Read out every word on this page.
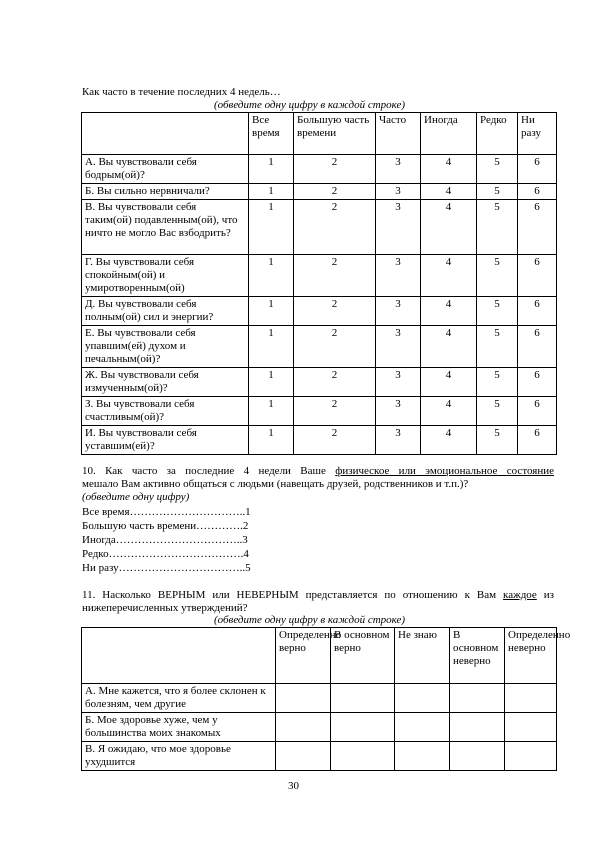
Как часто в течение последних 4 недель…
(обведите одну цифру в каждой строке)
	Все время	Большую часть времени	Часто	Иногда	Редко	Ни разу
А. Вы чувствовали себя бодрым(ой)?	1	2	3	4	5	6
Б. Вы сильно нервничали?	1	2	3	4	5	6
В. Вы чувствовали себя таким(ой) подавленным(ой), что ничто не могло Вас взбодрить?	1	2	3	4	5	6
Г. Вы чувствовали себя спокойным(ой) и умиротворенным(ой)	1	2	3	4	5	6
Д. Вы чувствовали себя полным(ой) сил и энергии?	1	2	3	4	5	6
Е. Вы чувствовали себя упавшим(ей) духом и печальным(ой)?	1	2	3	4	5	6
Ж. Вы чувствовали себя измученным(ой)?	1	2	3	4	5	6
З. Вы чувствовали себя счастливым(ой)?	1	2	3	4	5	6
И. Вы чувствовали себя уставшим(ей)?	1	2	3	4	5	6
10. Как часто за последние 4 недели Ваше физическое или эмоциональное состояние
мешало Вам активно общаться с людьми (навещать друзей, родственников и т.п.)?
(обведите одну цифру)
Все время…………………………..1
Большую часть времени………….2
Иногда……………………………..3
Редко……………………………….4
Ни разу……………………………..5
11. Насколько ВЕРНЫМ или НЕВЕРНЫМ представляется по отношению к Вам каждое из
нижеперечисленных утверждений?
(обведите одну цифру в каждой строке)
	Определенно верно	В основном верно	Не знаю	В основном неверно	Определенно неверно
А. Мне кажется, что я более склонен к болезням, чем другие					
Б. Мое здоровье хуже, чем у большинства моих знакомых					
В. Я ожидаю, что мое здоровье ухудшится					
30
